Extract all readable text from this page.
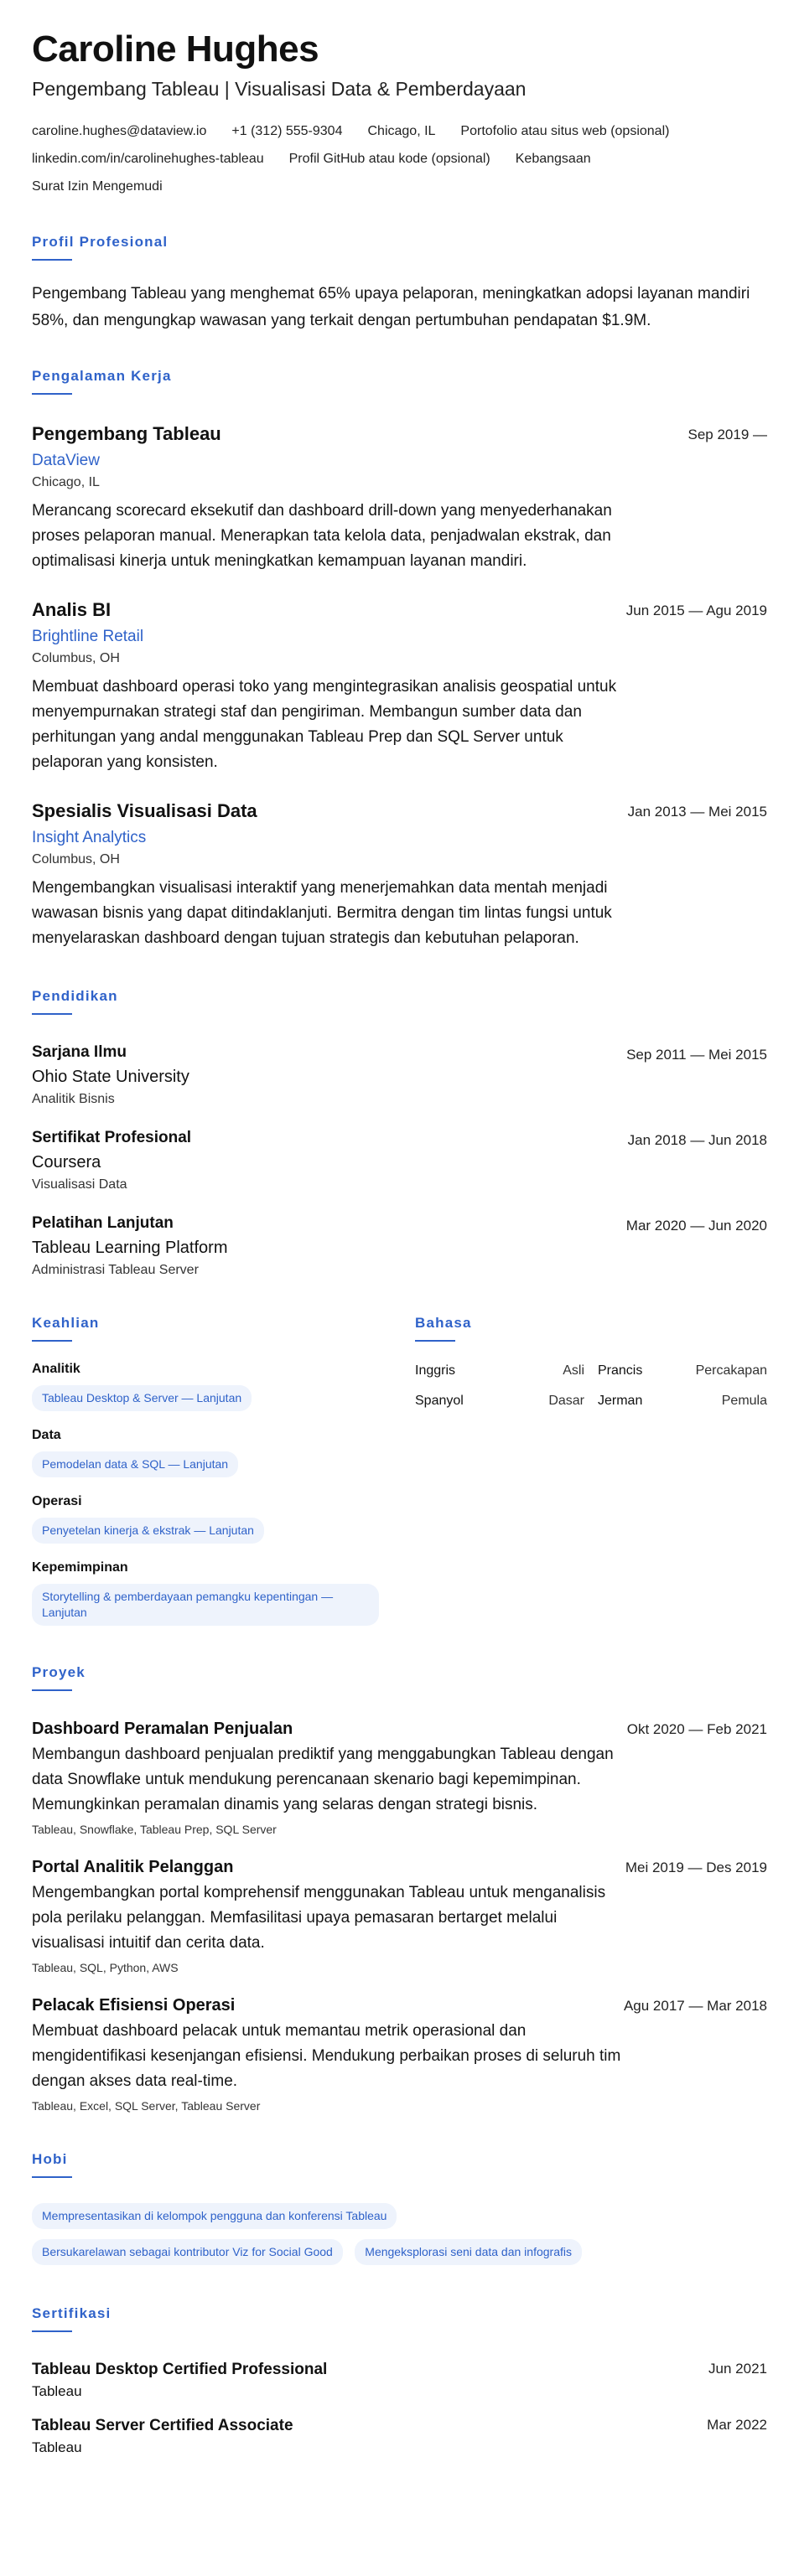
Caroline Hughes
Pengembang Tableau | Visualisasi Data & Pemberdayaan
caroline.hughes@dataview.io +1 (312) 555-9304 Chicago, IL Portofolio atau situs web (opsional)
linkedin.com/in/carolinehughes-tableau Profil GitHub atau kode (opsional) Kebangsaan
Surat Izin Mengemudi
Profil Profesional

Pengembang Tableau yang menghemat 65% upaya pelaporan, meningkatkan adopsi layanan mandiri 58%, dan mengungkap wawasan yang terkait dengan pertumbuhan pendapatan $1.9M.

Pengalaman Kerja
Pengembang Tableau
DataView
Chicago, IL

Merancang scorecard eksekutif dan dashboard drill-down yang menyederhanakan proses pelaporan manual. Menerapkan tata kelola data, penjadwalan ekstrak, dan optimalisasi kinerja untuk meningkatkan kemampuan layanan mandiri.

Sep 2019 —
Analis BI
Brightline Retail
Columbus, OH

Membuat dashboard operasi toko yang mengintegrasikan analisis geospatial untuk menyempurnakan strategi staf dan pengiriman. Membangun sumber data dan perhitungan yang andal menggunakan Tableau Prep dan SQL Server untuk pelaporan yang konsisten.

Jun 2015 — Agu 2019
Spesialis Visualisasi Data
Insight Analytics
Columbus, OH

Mengembangkan visualisasi interaktif yang menerjemahkan data mentah menjadi wawasan bisnis yang dapat ditindaklanjuti. Bermitra dengan tim lintas fungsi untuk menyelaraskan dashboard dengan tujuan strategis dan kebutuhan pelaporan.

Jan 2013 — Mei 2015
Pendidikan
Sarjana Ilmu
Ohio State University
Analitik Bisnis
Sep 2011 — Mei 2015
Sertifikat Profesional
Coursera
Visualisasi Data
Jan 2018 — Jun 2018
Pelatihan Lanjutan
Tableau Learning Platform
Administrasi Tableau Server
Mar 2020 — Jun 2020
Keahlian
Analitik
Tableau Desktop & Server — Lanjutan
Data
Pemodelan data & SQL — Lanjutan
Operasi
Penyetelan kinerja & ekstrak — Lanjutan
Kepemimpinan
Storytelling & pemberdayaan pemangku kepentingan — Lanjutan
Bahasa
Inggris	Asli Prancis	Percakapan
Spanyol	Dasar Jerman	Pemula
Proyek
Dashboard Peramalan Penjualan

Membangun dashboard penjualan prediktif yang menggabungkan Tableau dengan data Snowflake untuk mendukung perencanaan skenario bagi kepemimpinan. Memungkinkan peramalan dinamis yang selaras dengan strategi bisnis.

Tableau, Snowflake, Tableau Prep, SQL Server
Okt 2020 — Feb 2021
Portal Analitik Pelanggan

Mengembangkan portal komprehensif menggunakan Tableau untuk menganalisis pola perilaku pelanggan. Memfasilitasi upaya pemasaran bertarget melalui visualisasi intuitif dan cerita data.

Tableau, SQL, Python, AWS
Mei 2019 — Des 2019
Pelacak Efisiensi Operasi

Membuat dashboard pelacak untuk memantau metrik operasional dan mengidentifikasi kesenjangan efisiensi. Mendukung perbaikan proses di seluruh tim dengan akses data real-time.

Tableau, Excel, SQL Server, Tableau Server
Agu 2017 — Mar 2018
Hobi
Mempresentasikan di kelompok pengguna dan konferensi Tableau
Bersukarelawan sebagai kontributor Viz for Social Good	Mengeksplorasi seni data dan infografis
Sertifikasi
Tableau Desktop Certified Professional
Tableau
Jun 2021
Tableau Server Certified Associate
Tableau
Mar 2022
